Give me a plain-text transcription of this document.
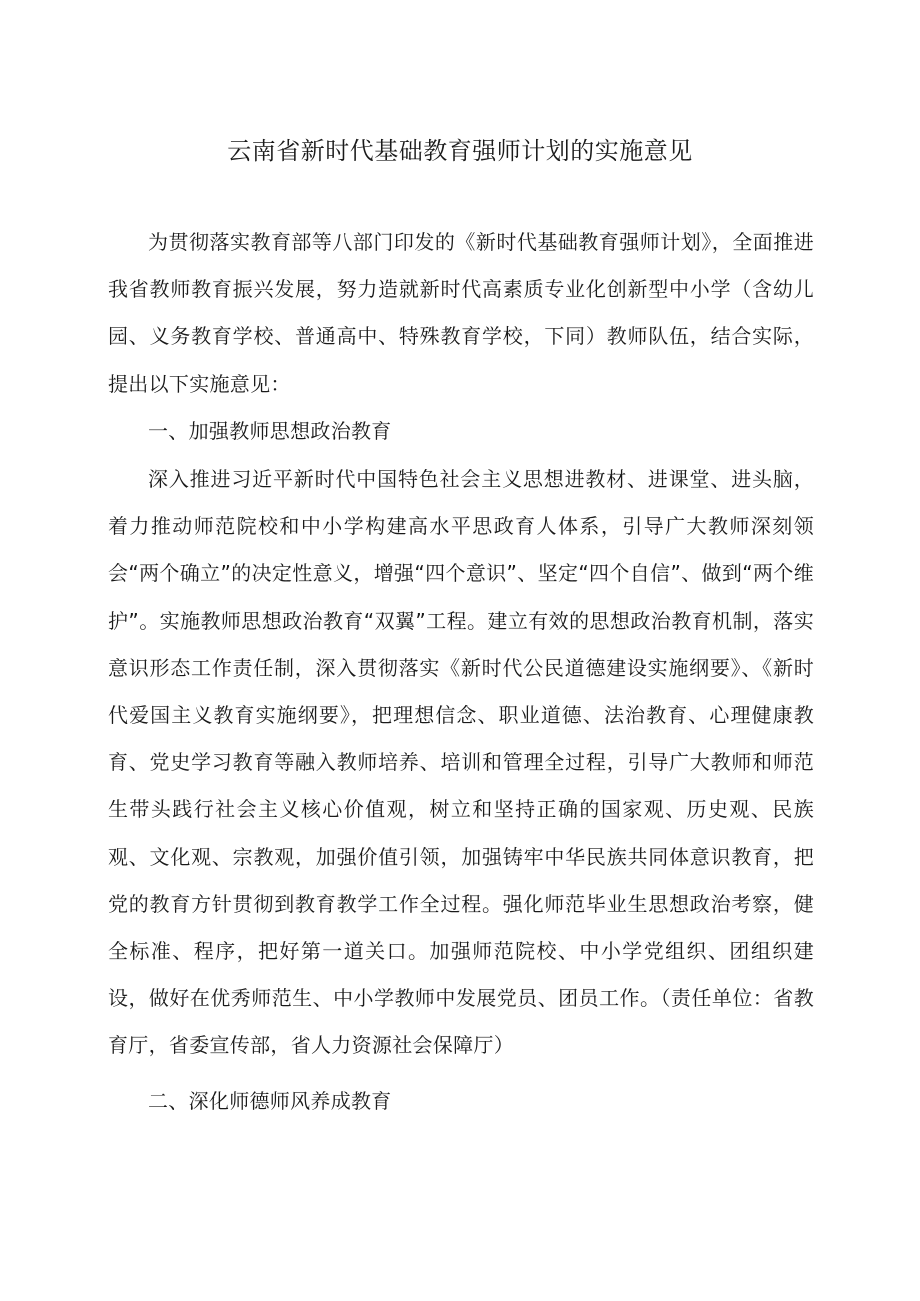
云南省新时代基础教育强师计划的实施意见

为贯彻落实教育部等八部门印发的《新时代基础教育强师计划》，全面推进我省教师教育振兴发展，努力造就新时代高素质专业化创新型中小学（含幼儿园、义务教育学校、普通高中、特殊教育学校，下同）教师队伍，结合实际，提出以下实施意见：

一、加强教师思想政治教育

深入推进习近平新时代中国特色社会主义思想进教材、进课堂、进头脑，着力推动师范院校和中小学构建高水平思政育人体系，引导广大教师深刻领会“两个确立”的决定性意义，增强“四个意识”、坚定“四个自信”、做到“两个维护”。实施教师思想政治教育“双翼”工程。建立有效的思想政治教育机制，落实意识形态工作责任制，深入贯彻落实《新时代公民道德建设实施纲要》、《新时代爱国主义教育实施纲要》，把理想信念、职业道德、法治教育、心理健康教育、党史学习教育等融入教师培养、培训和管理全过程，引导广大教师和师范生带头践行社会主义核心价值观，树立和坚持正确的国家观、历史观、民族观、文化观、宗教观，加强价值引领，加强铸牢中华民族共同体意识教育，把党的教育方针贯彻到教育教学工作全过程。强化师范毕业生思想政治考察，健全标准、程序，把好第一道关口。加强师范院校、中小学党组织、团组织建设，做好在优秀师范生、中小学教师中发展党员、团员工作。（责任单位：省教育厅，省委宣传部，省人力资源社会保障厅）

二、深化师德师风养成教育
